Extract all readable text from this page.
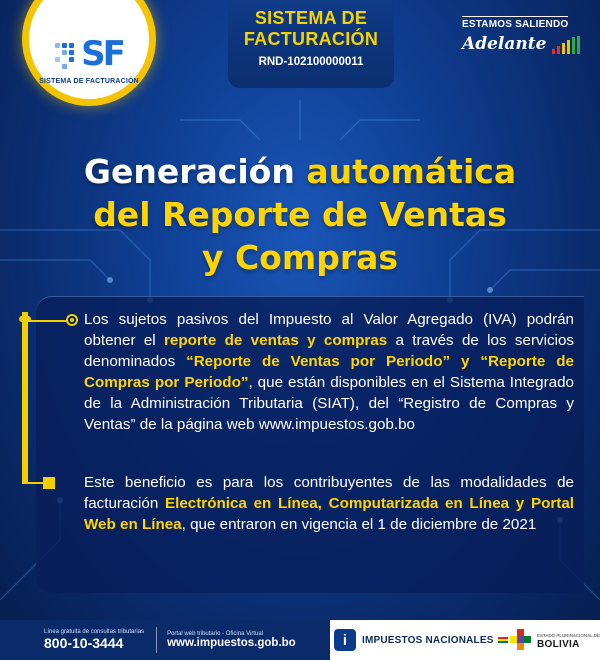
SF
SISTEMA DE FACTURACIÓN
SISTEMA DE
FACTURACIÓN
RND-102100000011
ESTAMOS SALIENDO
Adelante
Generación automática
del Reporte de Ventas
y Compras
Los sujetos pasivos del Impuesto al Valor Agregado (IVA) podrán obtener el reporte de ventas y compras a través de los servicios denominados “Reporte de Ventas por Periodo” y “Reporte de Compras por Periodo”, que están disponibles en el Sistema Integrado de la Administración Tributaria (SIAT), del “Registro de Compras y Ventas” de la página web www.impuestos.gob.bo
Este beneficio es para los contribuyentes de las modalidades de facturación Electrónica en Línea, Computarizada en Línea y Portal Web en Línea, que entraron en vigencia el 1 de diciembre de 2021
Línea gratuita de consultas tributarias
800-10-3444
Portal web tributario - Oficina Virtual
www.impuestos.gob.bo	i	IMPUESTOS NACIONALES	ESTADO PLURINACIONAL DE
BOLIVIA
